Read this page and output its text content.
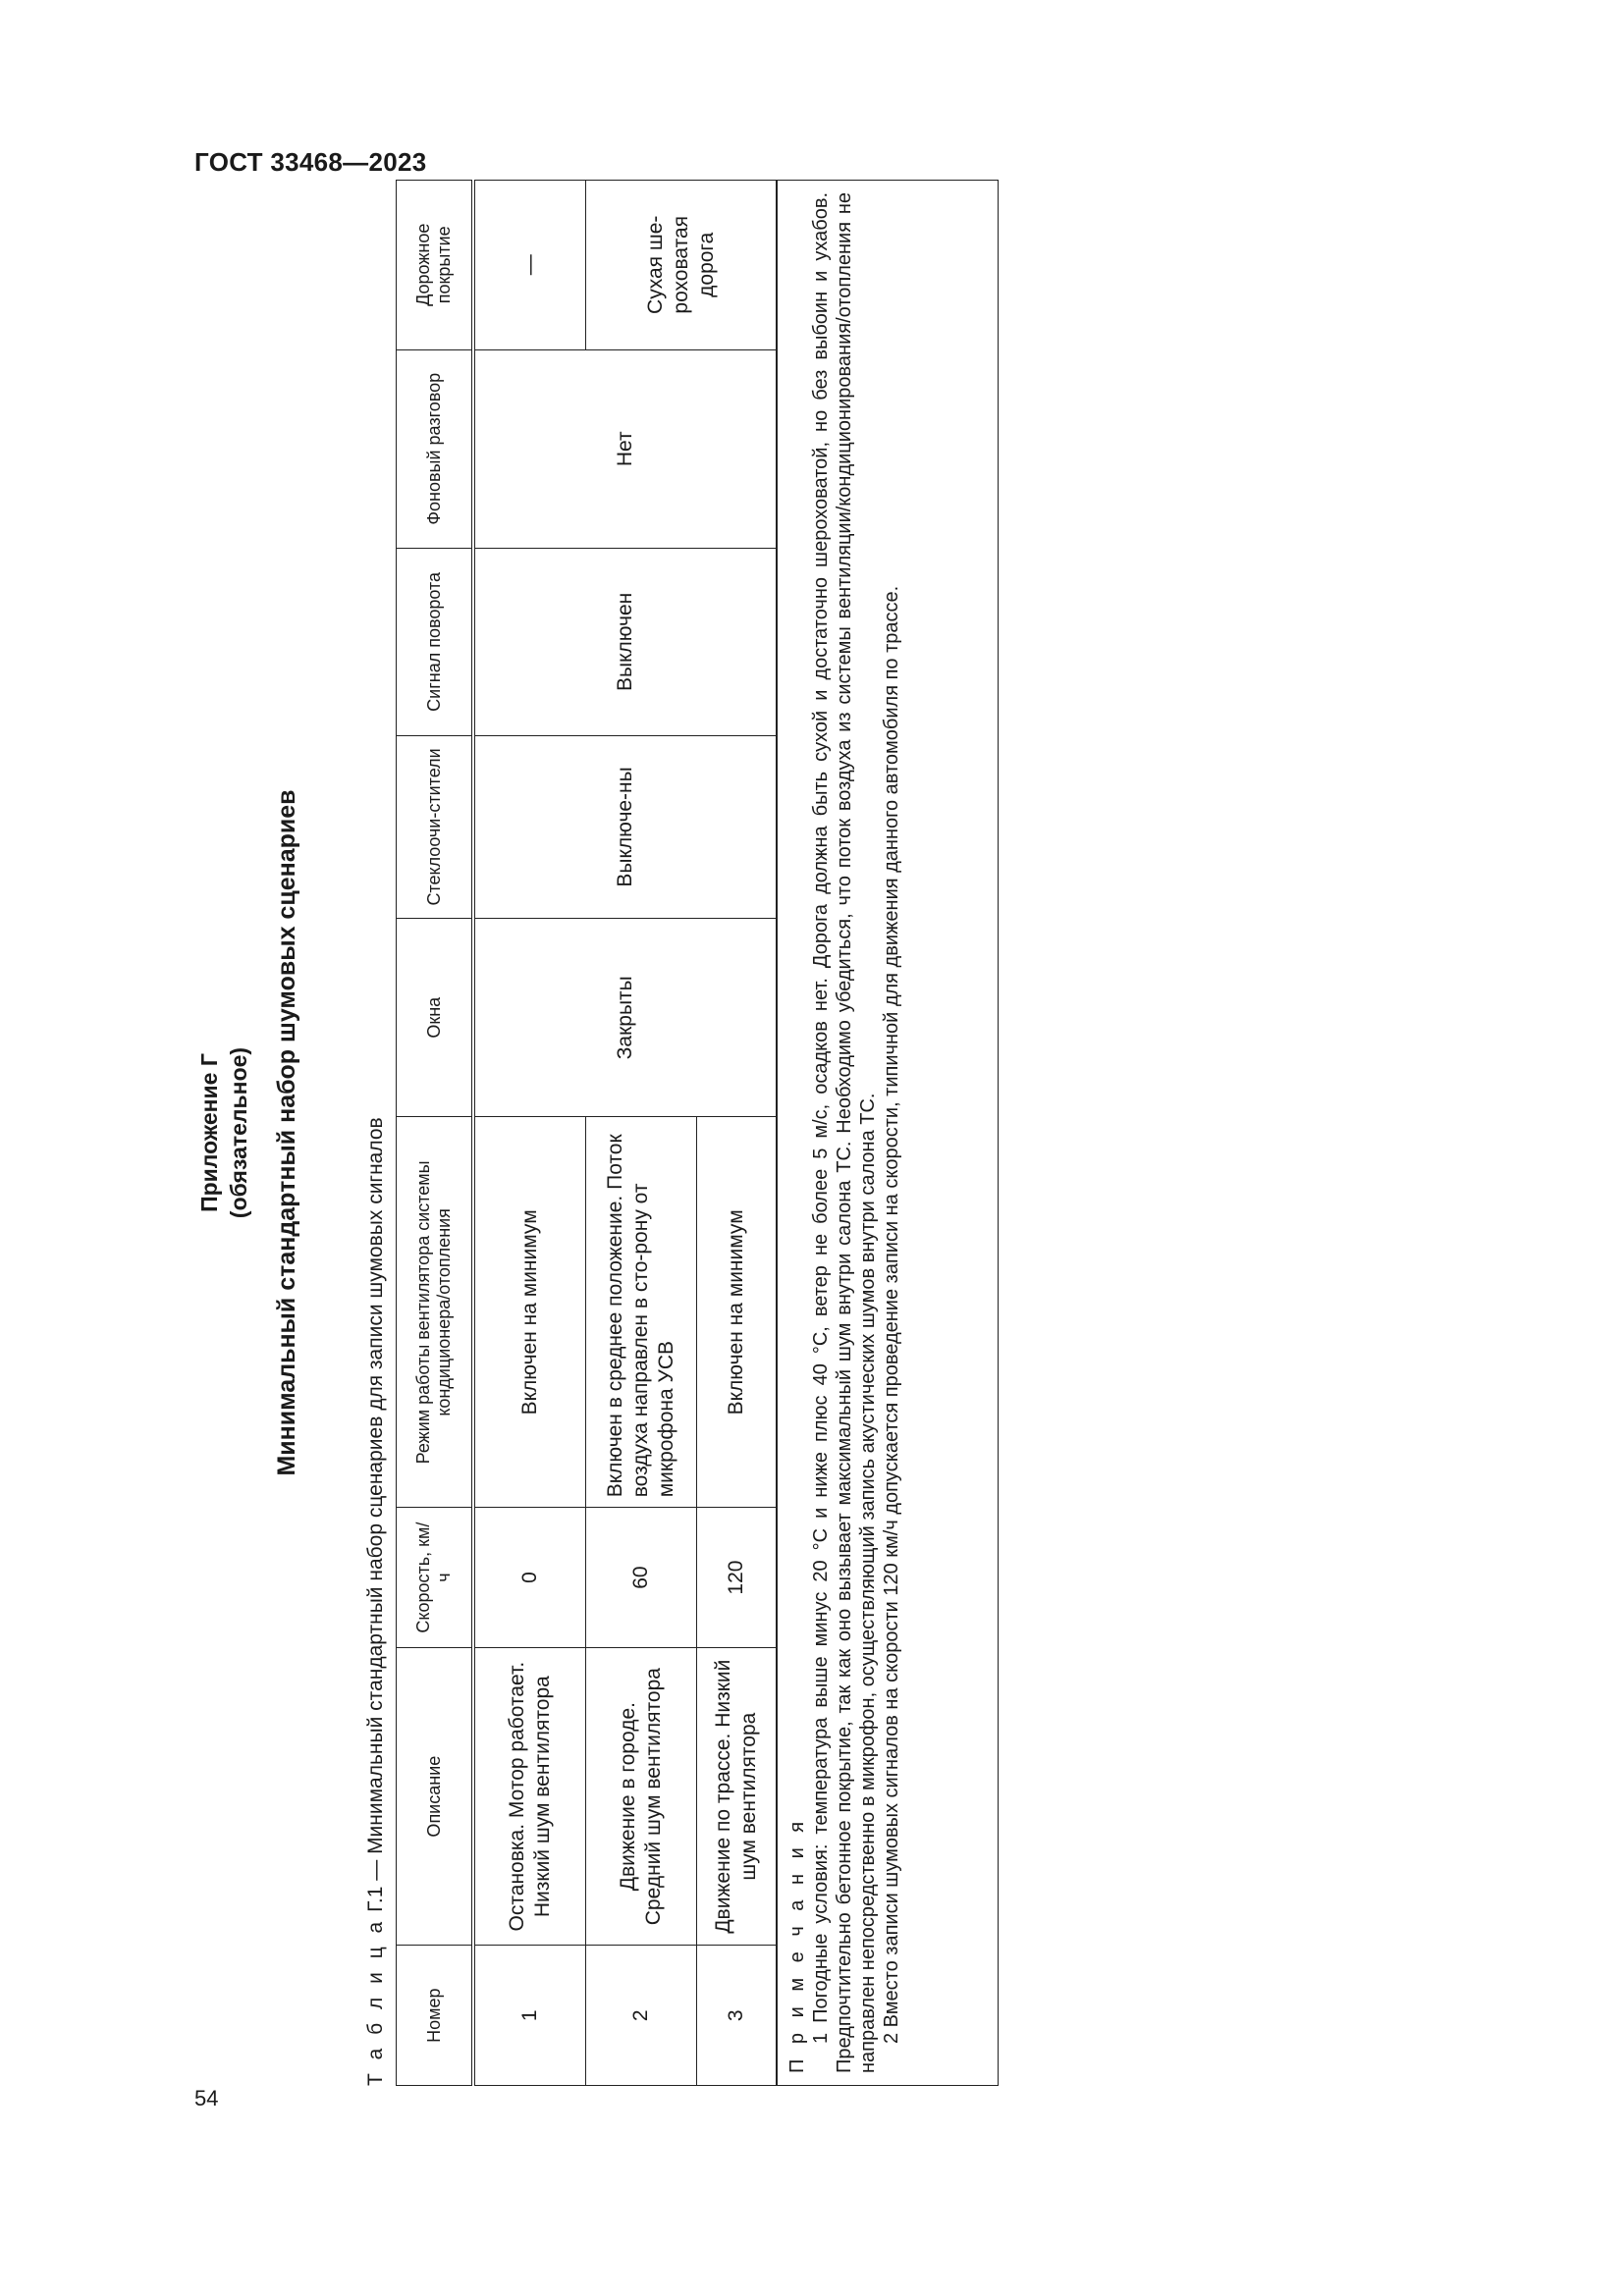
ГОСТ 33468—2023
54
Приложение Г (обязательное) Минимальный стандартный набор шумовых сценариев
Т а б л и ц а Г.1 — Минимальный стандартный набор сценариев для записи шумовых сигналов
Номер	Описание	Скорость, км/ч	Режим работы вентилятора системы кондиционера/отопления	Окна	Стеклоочи-стители	Сигнал поворота	Фоновый разговор	Дорожное покрытие
1	Остановка. Мотор работает. Низкий шум вентилятора	0	Включен на минимум	Закрыты	Выключе-ны	Выключен	Нет	—
2	Движение в городе. Средний шум вентилятора	60	Включен в среднее положение. Поток воздуха направлен в сто-рону от микрофона УСВ					Сухая ше-роховатая дорога
3	Движение по трассе. Низкий шум вентилятора	120	Включен на минимум					

П р и м е ч а н и я 1 Погодные условия: температура выше минус 20 °С и ниже плюс 40 °С, ветер не более 5 м/с, осадков нет. Дорога должна быть сухой и достаточно шероховатой, но без выбоин и ухабов. Предпочтительно бетонное покрытие, так как оно вызывает максимальный шум внутри салона ТС. Необходимо убедиться, что поток воздуха из системы вентиляции/кондиционирования/отопления не направлен непосредственно в микрофон, осуществляющий запись акустических шумов внутри салона ТС. 2 Вместо записи шумовых сигналов на скорости 120 км/ч допускается проведение записи на скорости, типичной для движения данного автомобиля по трассе.								
